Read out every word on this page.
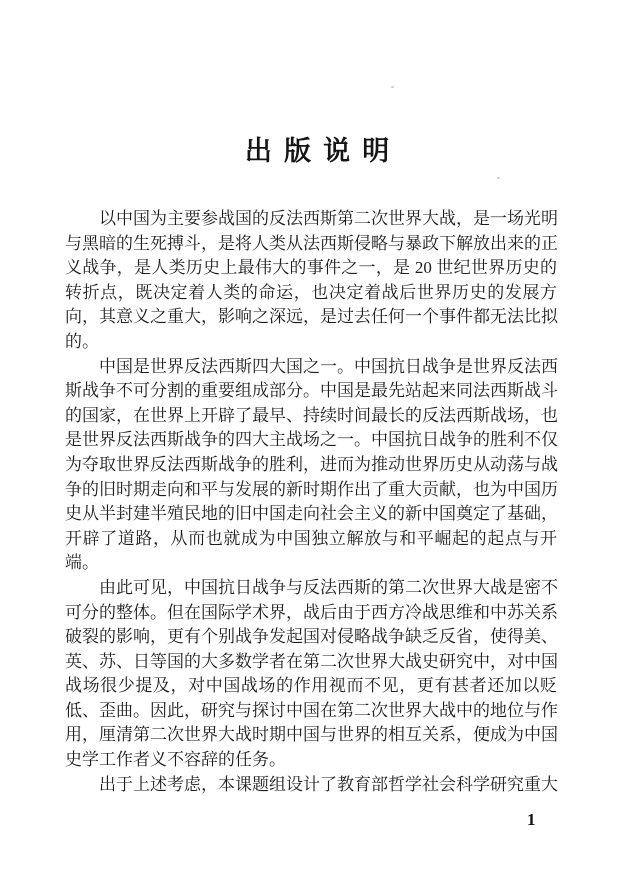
出版说明
以中国为主要参战国的反法西斯第二次世界大战，是一场光明
与黑暗的生死搏斗，是将人类从法西斯侵略与暴政下解放出来的正
义战争，是人类历史上最伟大的事件之一，是 20 世纪世界历史的
转折点，既决定着人类的命运，也决定着战后世界历史的发展方
向，其意义之重大，影响之深远，是过去任何一个事件都无法比拟
的。
中国是世界反法西斯四大国之一。中国抗日战争是世界反法西
斯战争不可分割的重要组成部分。中国是最先站起来同法西斯战斗
的国家，在世界上开辟了最早、持续时间最长的反法西斯战场，也
是世界反法西斯战争的四大主战场之一。中国抗日战争的胜利不仅
为夺取世界反法西斯战争的胜利，进而为推动世界历史从动荡与战
争的旧时期走向和平与发展的新时期作出了重大贡献，也为中国历
史从半封建半殖民地的旧中国走向社会主义的新中国奠定了基础，
开辟了道路，从而也就成为中国独立解放与和平崛起的起点与开
端。
由此可见，中国抗日战争与反法西斯的第二次世界大战是密不
可分的整体。但在国际学术界，战后由于西方冷战思维和中苏关系
破裂的影响，更有个别战争发起国对侵略战争缺乏反省，使得美、
英、苏、日等国的大多数学者在第二次世界大战史研究中，对中国
战场很少提及，对中国战场的作用视而不见，更有甚者还加以贬
低、歪曲。因此，研究与探讨中国在第二次世界大战中的地位与作
用，厘清第二次世界大战时期中国与世界的相互关系，便成为中国
史学工作者义不容辞的任务。
出于上述考虑，本课题组设计了教育部哲学社会科学研究重大
1
